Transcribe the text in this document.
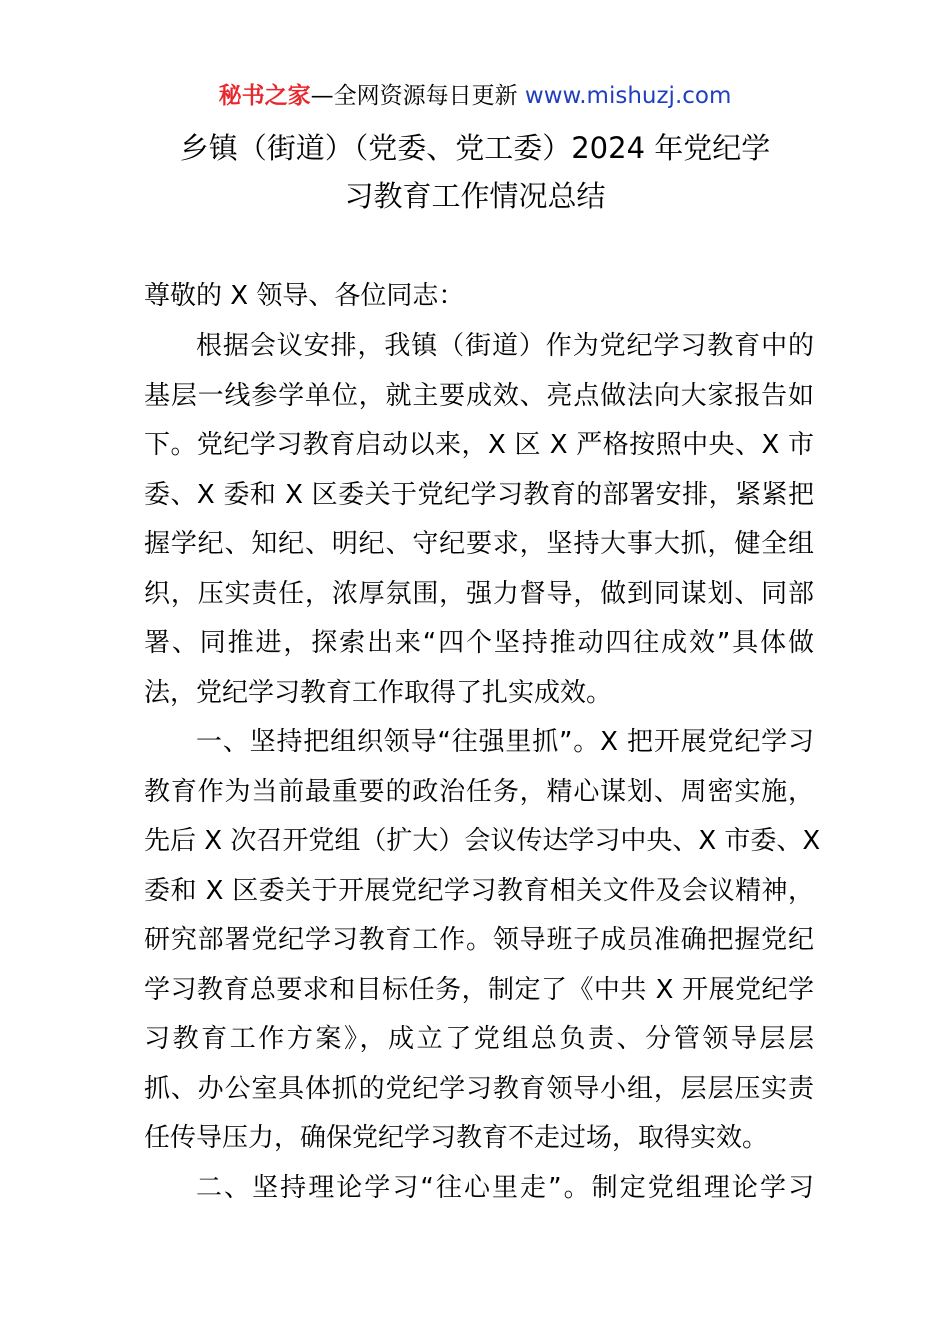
秘书之家—全网资源每日更新 www.mishuzj.com
乡镇（街道）（党委、党工委）2024 年党纪学
习教育工作情况总结
尊敬的 X 领导、各位同志：
根据会议安排，我镇（街道）作为党纪学习教育中的
基层一线参学单位，就主要成效、亮点做法向大家报告如
下。党纪学习教育启动以来，X 区 X 严格按照中央、X 市
委、X 委和 X 区委关于党纪学习教育的部署安排，紧紧把
握学纪、知纪、明纪、守纪要求，坚持大事大抓，健全组
织，压实责任，浓厚氛围，强力督导，做到同谋划、同部
署、同推进，探索出来“四个坚持推动四往成效”具体做
法，党纪学习教育工作取得了扎实成效。
一、坚持把组织领导“往强里抓”。X 把开展党纪学习
教育作为当前最重要的政治任务，精心谋划、周密实施，
先后 X 次召开党组（扩大）会议传达学习中央、X 市委、X
委和 X 区委关于开展党纪学习教育相关文件及会议精神，
研究部署党纪学习教育工作。领导班子成员准确把握党纪
学习教育总要求和目标任务，制定了《中共 X 开展党纪学
习教育工作方案》，成立了党组总负责、分管领导层层
抓、办公室具体抓的党纪学习教育领导小组，层层压实责
任传导压力，确保党纪学习教育不走过场，取得实效。
二、坚持理论学习“往心里走”。制定党组理论学习
